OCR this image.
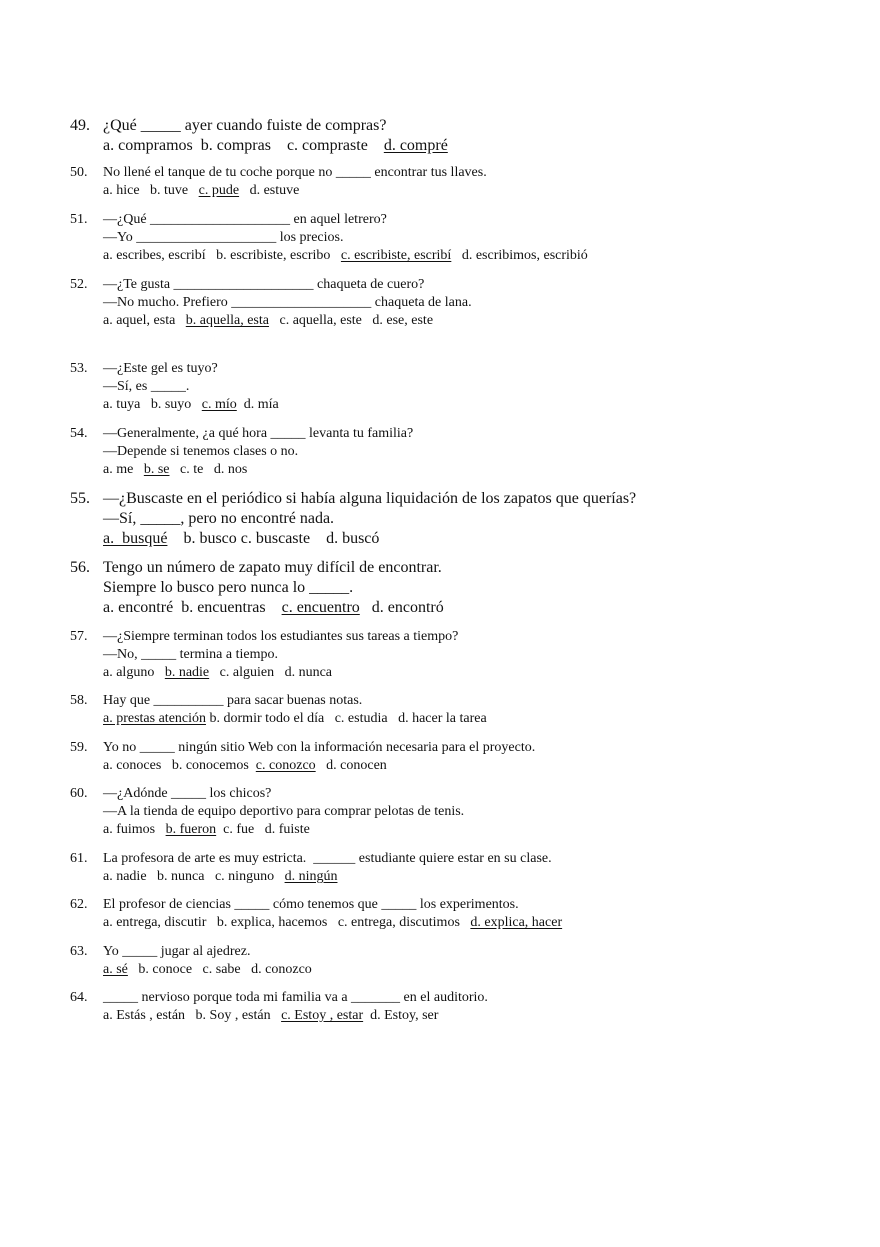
49. ¿Qué _____ ayer cuando fuiste de compras?
a. compramos b. compras c. compraste d. compré
50. No llené el tanque de tu coche porque no _____ encontrar tus llaves.
a. hice b. tuve c. pude d. estuve
51. —¿Qué ____________________ en aquel letrero?
—Yo ____________________ los precios.
a. escribes, escribí b. escribiste, escribo c. escribiste, escribí d. escribimos, escribió
52. —¿Te gusta ____________________ chaqueta de cuero?
—No mucho. Prefiero ____________________ chaqueta de lana.
a. aquel, esta b. aquella, esta c. aquella, este d. ese, este
53. —¿Este gel es tuyo?
—Sí, es _____.
a. tuya b. suyo c. mío d. mía
54. —Generalmente, ¿a qué hora _____ levanta tu familia?
—Depende si tenemos clases o no.
a. me b. se c. te d. nos
55. —¿Buscaste en el periódico si había alguna liquidación de los zapatos que querías?
—Sí, _____, pero no encontré nada.
a.  busqué b. busco c. buscaste d. buscó
56. Tengo un número de zapato muy difícil de encontrar.
Siempre lo busco pero nunca lo _____.
a. encontré b. encuentras c. encuentro d. encontró
57. —¿Siempre terminan todos los estudiantes sus tareas a tiempo?
—No, _____ termina a tiempo.
a. alguno b. nadie c. alguien d. nunca
58. Hay que __________ para sacar buenas notas.
a. prestas atención b. dormir todo el día c. estudia d. hacer la tarea
59. Yo no _____ ningún sitio Web con la información necesaria para el proyecto.
a. conoces b. conocemos c. conozco d. conocen
60. —¿Adónde _____ los chicos?
—A la tienda de equipo deportivo para comprar pelotas de tenis.
a. fuimos b. fueron c. fue d. fuiste
61. La profesora de arte es muy estricta.  ______ estudiante quiere estar en su clase.
a. nadie b. nunca c. ninguno d. ningún
62. El profesor de ciencias _____ cómo tenemos que _____ los experimentos.
a. entrega, discutir b. explica, hacemos c. entrega, discutimos d. explica, hacer
63. Yo _____ jugar al ajedrez.
a. sé b. conoce c. sabe d. conozco
64. _____ nervioso porque toda mi familia va a _______ en el auditorio.
a. Estás , están b. Soy , están c. Estoy , estar d. Estoy, ser
